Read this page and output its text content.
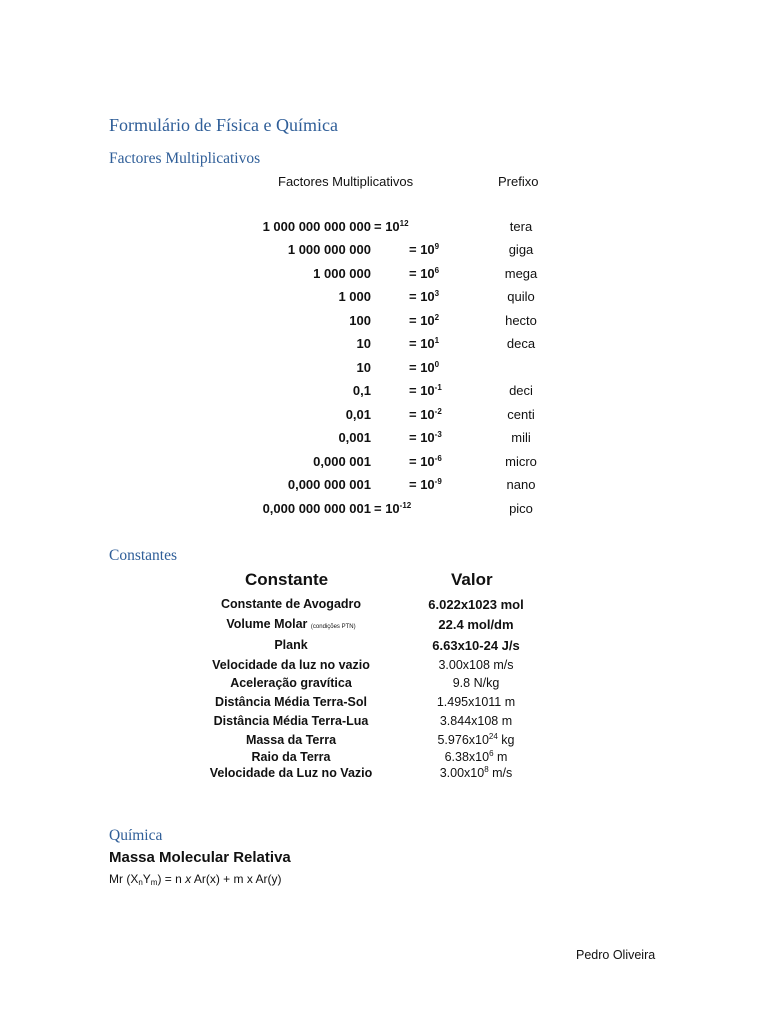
Formulário de Física e Química
Factores Multiplicativos
Factores Multiplicativos	Prefixo
1 000 000 000 $000 = 10^{12}$	tera
1 000 000 000	= $10^9$	giga
1 000 000	= $10^6$	mega
1 000	= $10^3$	quilo
100	= $10^2$	hecto
10	= $10^1$	deca
10	= $10^0$
0,1	= $10^{-1}$	deci
0,01	= $10^{-2}$	centi
0,001	= $10^{-3}$	mili
0,000 001	= $10^{-6}$	micro
0,000 000 001	= $10^{-9}$	nano
0,000 000 000 $001 = 10^{-12}$	pico
Constantes
Constante	Valor
Constante de Avogadro	6.022x1023 mol
Volume Molar (condições PTN)	22.4 mol/dm
Plank	6.63x10-24 J/s
Velocidade da luz no vazio	3.00x108 m/s
Aceleração gravítica	9.8 N/kg
Distância Média Terra-Sol	1.495x1011 m
Distância Média Terra-Lua	3.844x108 m
Massa da Terra	$5.976x10^{24}$ kg
Raio da Terra	$6.38x10^6$ m
Velocidade da Luz no Vazio	$3.00x10^8$ m/s
Química
Massa Molecular Relativa
Mr $(X_nY_m) = n$ x Ar(x) + m x Ar(y)
Pedro Oliveira
